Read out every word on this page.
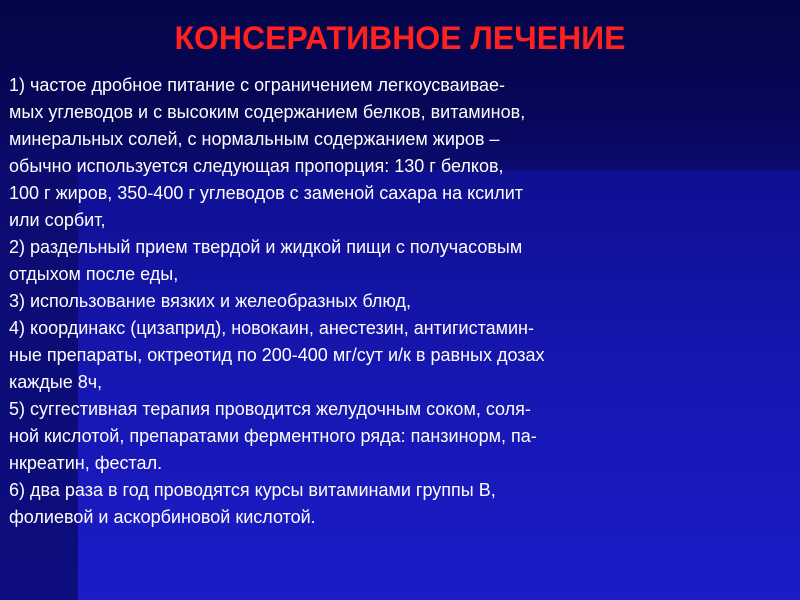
КОНСЕРАТИВНОЕ ЛЕЧЕНИЕ
1) частое дробное питание с ограничением легкоусваивае-
мых углеводов и с высоким содержанием белков, витаминов,
минеральных солей, с нормальным содержанием жиров –
обычно используется следующая пропорция: 130 г белков,
100 г жиров, 350-400 г углеводов с заменой сахара на ксилит
или сорбит,
2) раздельный прием твердой и жидкой пищи с получасовым
отдыхом после еды,
3) использование вязких и желеобразных блюд,
4) координакс (цизаприд), новокаин, анестезин, антигистамин-
ные препараты, октреотид по 200-400 мг/сут и/к в равных дозах
каждые 8ч,
5) суггестивная терапия проводится желудочным соком, соля-
ной кислотой, препаратами ферментного ряда: панзинорм, па-
нкреатин, фестал.
6) два раза в год проводятся курсы витаминами группы B,
фолиевой и аскорбиновой кислотой.
